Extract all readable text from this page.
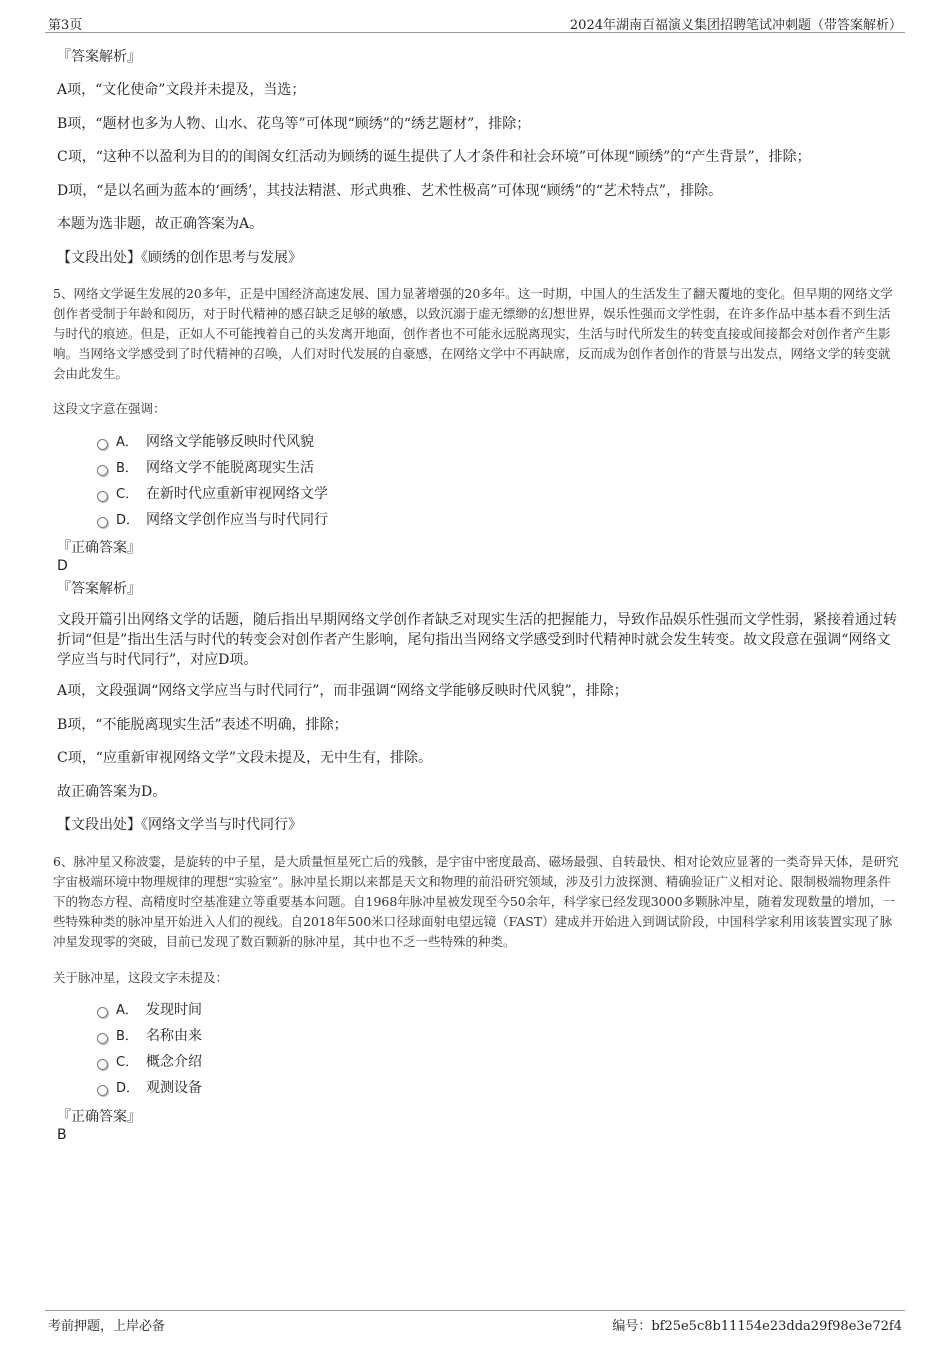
第3页	2024年湖南百福演义集团招聘笔试冲刺题（带答案解析）
『答案解析』
A项，“文化使命”文段并未提及，当选；
B项，“题材也多为人物、山水、花鸟等”可体现“顾绣”的“绣艺题材”，排除；
C项，“这种不以盈利为目的的闺阁女红活动为顾绣的诞生提供了人才条件和社会环境”可体现“顾绣”的“产生背景”，排除；
D项，“是以名画为蓝本的‘画绣’，其技法精湛、形式典雅、艺术性极高”可体现“顾绣”的“艺术特点”，排除。
本题为选非题，故正确答案为A。
【文段出处】《顾绣的创作思考与发展》

5、网络文学诞生发展的20多年，正是中国经济高速发展、国力显著增强的20多年。这一时期，中国人的生活发生了翻天覆地的变化。但早期的网络文学创作者受制于年龄和阅历，对于时代精神的感召缺乏足够的敏感，以致沉溺于虚无缥缈的幻想世界，娱乐性强而文学性弱，在许多作品中基本看不到生活与时代的痕迹。但是，正如人不可能拽着自己的头发离开地面，创作者也不可能永远脱离现实，生活与时代所发生的转变直接或间接都会对创作者产生影响。当网络文学感受到了时代精神的召唤，人们对时代发展的自豪感，在网络文学中不再缺席，反而成为创作者创作的背景与出发点，网络文学的转变就会由此发生。

这段文字意在强调：
A． 网络文学能够反映时代风貌
B． 网络文学不能脱离现实生活
C． 在新时代应重新审视网络文学
D． 网络文学创作应当与时代同行
『正确答案』
D
『答案解析』

文段开篇引出网络文学的话题，随后指出早期网络文学创作者缺乏对现实生活的把握能力，导致作品娱乐性强而文学性弱，紧接着通过转折词“但是”指出生活与时代的转变会对创作者产生影响，尾句指出当网络文学感受到时代精神时就会发生转变。故文段意在强调“网络文学应当与时代同行”，对应D项。

A项，文段强调“网络文学应当与时代同行”，而非强调“网络文学能够反映时代风貌”，排除；
B项，“不能脱离现实生活”表述不明确，排除；
C项，“应重新审视网络文学”文段未提及，无中生有，排除。
故正确答案为D。
【文段出处】《网络文学当与时代同行》

6、脉冲星又称波霎，是旋转的中子星，是大质量恒星死亡后的残骸，是宇宙中密度最高、磁场最强、自转最快、相对论效应显著的一类奇异天体，是研究宇宙极端环境中物理规律的理想“实验室”。脉冲星长期以来都是天文和物理的前沿研究领域，涉及引力波探测、精确验证广义相对论、限制极端物理条件下的物态方程、高精度时空基准建立等重要基本问题。自1968年脉冲星被发现至今50余年，科学家已经发现3000多颗脉冲星，随着发现数量的增加，一些特殊种类的脉冲星开始进入人们的视线。自2018年500米口径球面射电望远镜（FAST）建成并开始进入到调试阶段，中国科学家利用该装置实现了脉冲星发现零的突破，目前已发现了数百颗新的脉冲星，其中也不乏一些特殊的种类。

关于脉冲星，这段文字未提及：
A． 发现时间
B． 名称由来
C． 概念介绍
D． 观测设备
『正确答案』
B
考前押题，上岸必备	编号：bf25e5c8b11154e23dda29f98e3e72f4
